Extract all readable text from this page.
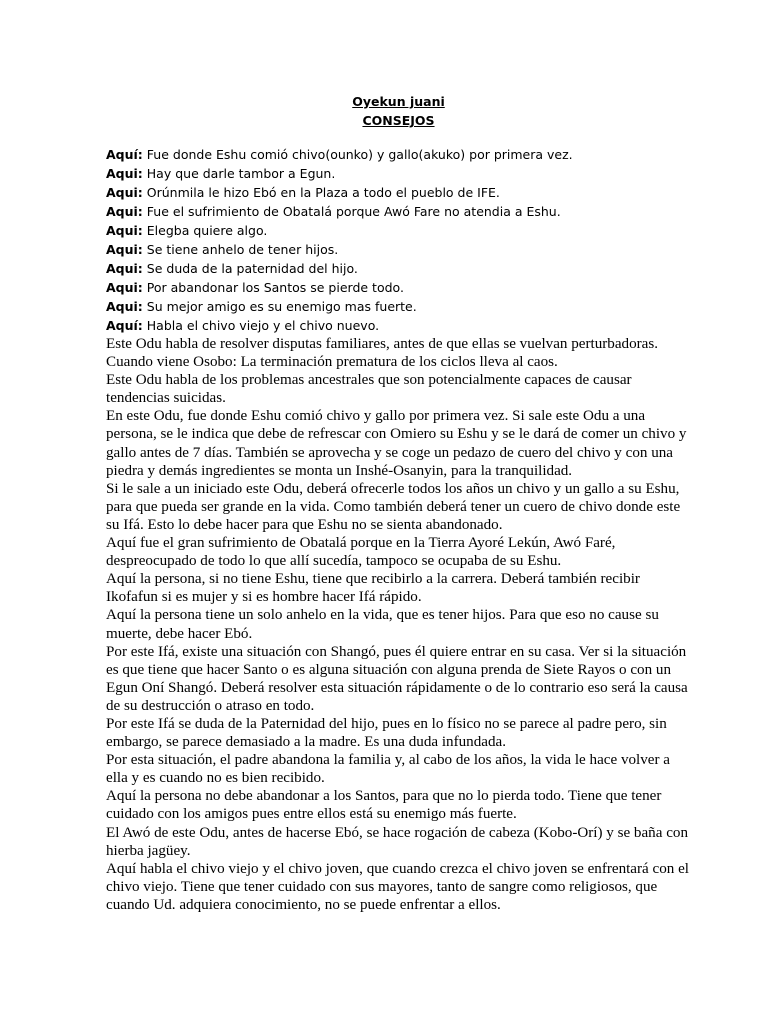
Oyekun juani

CONSEJOS

Aquí: Fue donde Eshu comió chivo(ounko) y gallo(akuko) por primera vez.

Aqui: Hay que darle tambor a Egun.

Aqui: Orúnmila le hizo Ebó en la Plaza a todo el pueblo de IFE.

Aqui: Fue el sufrimiento de Obatalá porque Awó Fare no atendia a Eshu.

Aqui: Elegba quiere algo.

Aqui: Se tiene anhelo de tener hijos.

Aqui: Se duda de la paternidad del hijo.

Aqui: Por abandonar los Santos se pierde todo.

Aqui: Su mejor amigo es su enemigo mas fuerte.

Aquí: Habla el chivo viejo y el chivo nuevo.

Este Odu habla de resolver disputas familiares, antes de que ellas se vuelvan perturbadoras.

Cuando viene Osobo: La terminación prematura de los ciclos lleva al caos.

Este Odu habla de los problemas ancestrales que son potencialmente capaces de causar tendencias suicidas.

En este Odu, fue donde Eshu comió chivo y gallo por primera vez. Si sale este Odu a una persona, se le indica que debe de refrescar con Omiero su Eshu y se le dará de comer un chivo y gallo antes de 7 días. También se aprovecha y se coge un pedazo de cuero del chivo y con una piedra y demás ingredientes se monta un Inshé-Osanyin, para la tranquilidad.

Si le sale a un iniciado este Odu, deberá ofrecerle todos los años un chivo y un gallo a su Eshu, para que pueda ser grande en la vida. Como también deberá tener un cuero de chivo donde este su Ifá. Esto lo debe hacer para que Eshu no se sienta abandonado.

Aquí fue el gran sufrimiento de Obatalá porque en la Tierra Ayoré Lekún, Awó Faré, despreocupado de todo lo que allí sucedía, tampoco se ocupaba de su Eshu.

Aquí la persona, si no tiene Eshu, tiene que recibirlo a la carrera. Deberá también recibir Ikofafun si es mujer y si es hombre hacer Ifá rápido.

Aquí la persona tiene un solo anhelo en la vida, que es tener hijos. Para que eso no cause su muerte, debe hacer Ebó.

Por este Ifá, existe una situación con Shangó, pues él quiere entrar en su casa. Ver si la situación es que tiene que hacer Santo o es alguna situación con alguna prenda de Siete Rayos o con un Egun Oní Shangó. Deberá resolver esta situación rápidamente o de lo contrario eso será la causa de su destrucción o atraso en todo.

Por este Ifá se duda de la Paternidad del hijo, pues en lo físico no se parece al padre pero, sin embargo, se parece demasiado a la madre. Es una duda infundada.

Por esta situación, el padre abandona la familia y, al cabo de los años, la vida le hace volver a ella y es cuando no es bien recibido.

Aquí la persona no debe abandonar a los Santos, para que no lo pierda todo. Tiene que tener cuidado con los amigos pues entre ellos está su enemigo más fuerte.

El Awó de este Odu, antes de hacerse Ebó, se hace rogación de cabeza (Kobo-Orí) y se baña con hierba jagüey.

Aquí habla el chivo viejo y el chivo joven, que cuando crezca el chivo joven se enfrentará con el chivo viejo. Tiene que tener cuidado con sus mayores, tanto de sangre como religiosos, que cuando Ud. adquiera conocimiento, no se puede enfrentar a ellos.
